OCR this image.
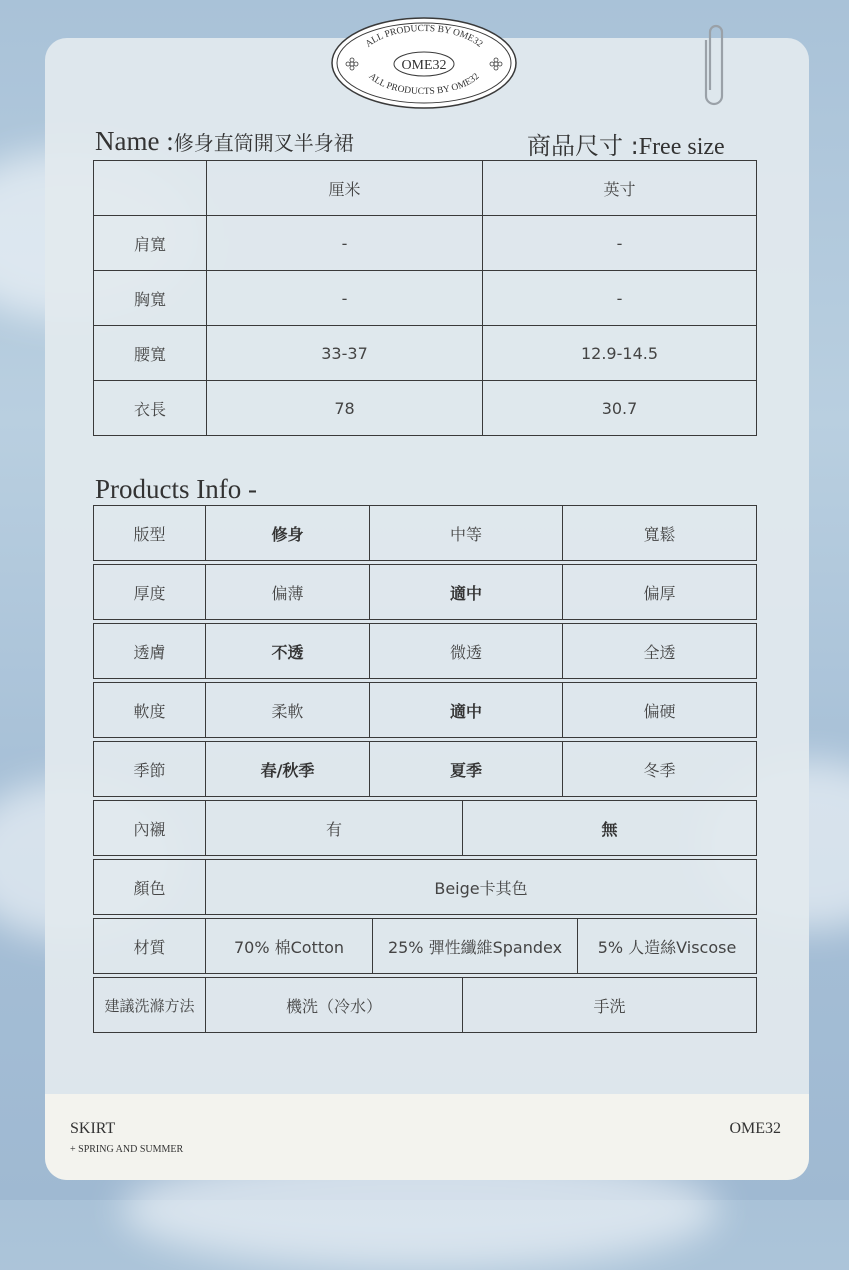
SKIRT
+ SPRING AND SUMMER
OME32
ALL PRODUCTS BY OME32
ALL PRODUCTS BY OME32
OME32
Name :修身直筒開叉半身裙	商品尺寸 :Free size
	厘米	英寸
肩寬	-	-
胸寬	-	-
腰寬	33-37	12.9-14.5
衣長	78	30.7
Products Info -
版型	修身	中等	寬鬆
厚度	偏薄	適中	偏厚
透膚	不透	微透	全透
軟度	柔軟	適中	偏硬
季節	春/秋季	夏季	冬季
內襯	有	無
顏色	Beige卡其色
材質	70% 棉Cotton	25% 彈性纖維Spandex	5% 人造絲Viscose
建議洗滌方法	機洗（冷水）	手洗
